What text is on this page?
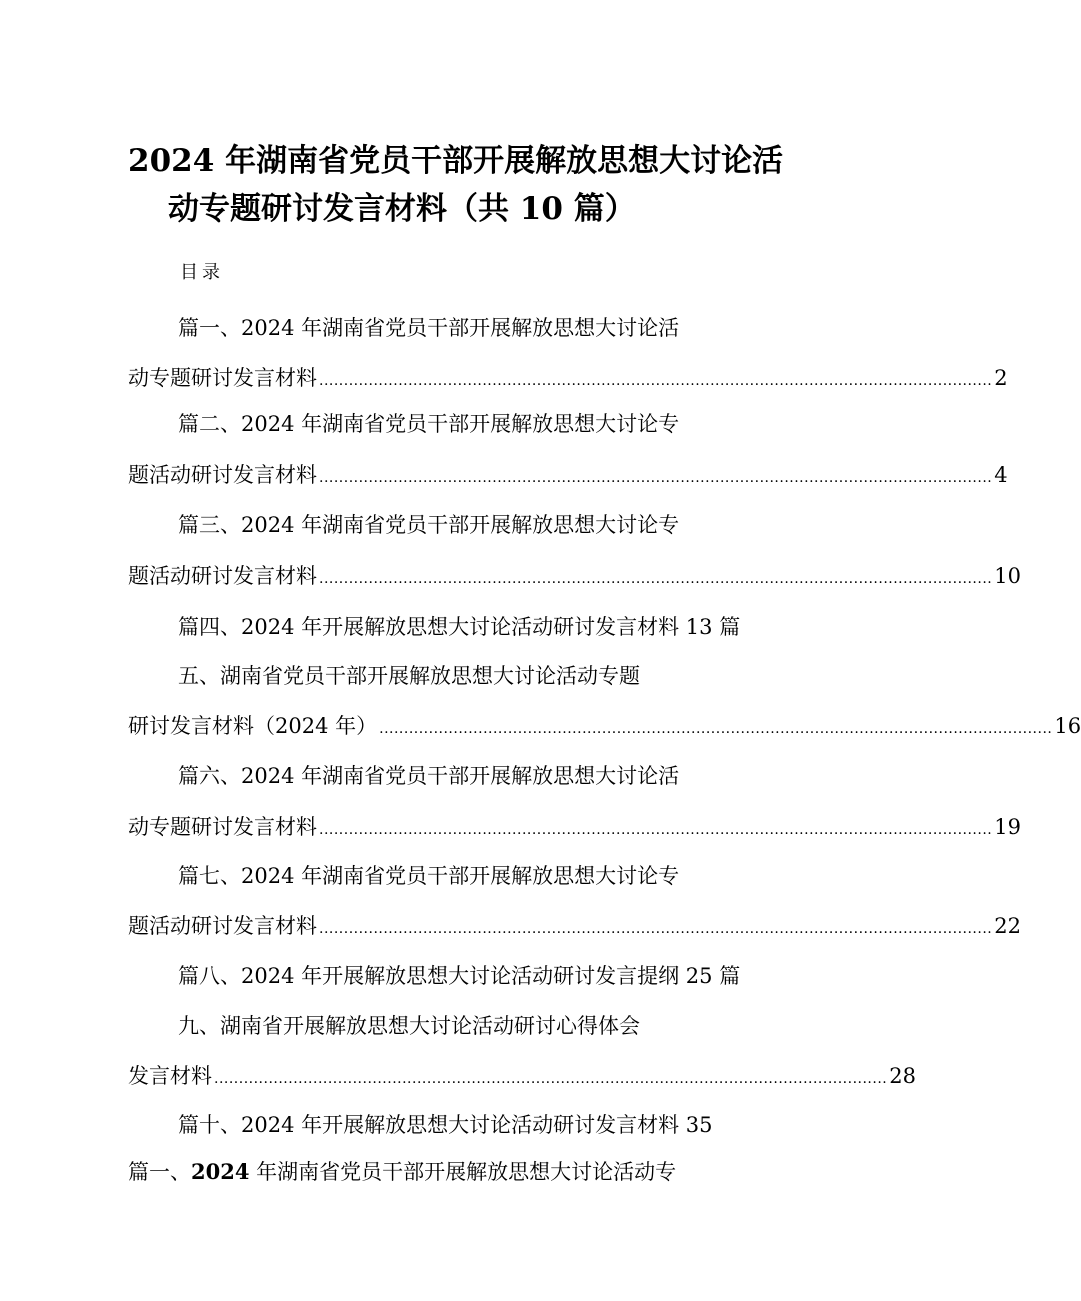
2024 年湖南省党员干部开展解放思想大讨论活
动专题研讨发言材料（共 10 篇）
目录
篇一、2024 年湖南省党员干部开展解放思想大讨论活
动专题研讨发言材料 ........................................................................................................................................ 2
篇二、2024 年湖南省党员干部开展解放思想大讨论专
题活动研讨发言材料 ........................................................................................................................................ 4
篇三、2024 年湖南省党员干部开展解放思想大讨论专
题活动研讨发言材料 ........................................................................................................................................ 10
篇四、2024 年开展解放思想大讨论活动研讨发言材料 13 篇
五、湖南省党员干部开展解放思想大讨论活动专题
研讨发言材料（2024 年） ........................................................................................................................................ 16
篇六、2024 年湖南省党员干部开展解放思想大讨论活
动专题研讨发言材料 ........................................................................................................................................ 19
篇七、2024 年湖南省党员干部开展解放思想大讨论专
题活动研讨发言材料 ........................................................................................................................................ 22
篇八、2024 年开展解放思想大讨论活动研讨发言提纲 25 篇
九、湖南省开展解放思想大讨论活动研讨心得体会
发言材料 ........................................................................................................................................ 28
篇十、2024 年开展解放思想大讨论活动研讨发言材料 35
篇一、2024 年湖南省党员干部开展解放思想大讨论活动专
